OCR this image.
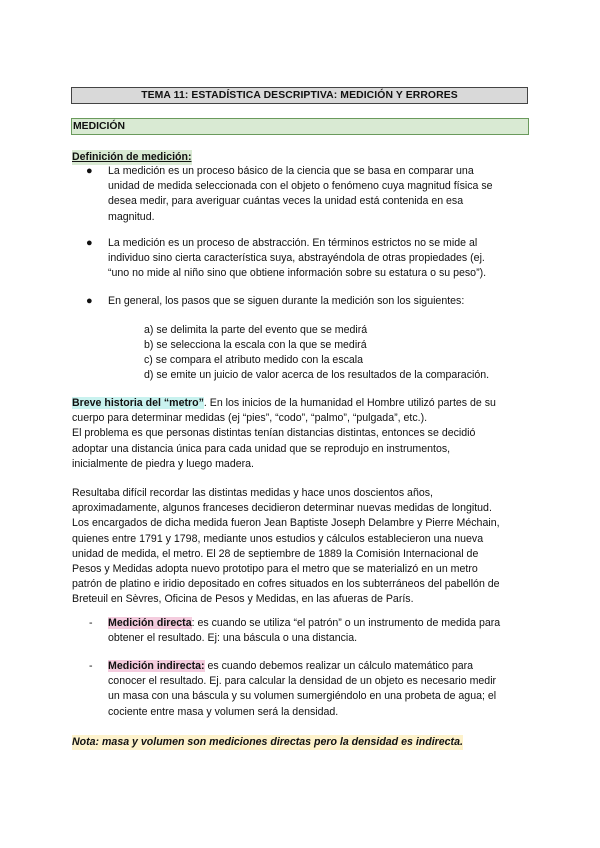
TEMA 11: ESTADÍSTICA DESCRIPTIVA: MEDICIÓN Y ERRORES
MEDICIÓN
Definición de medición:
● La medición es un proceso básico de la ciencia que se basa en comparar una
unidad de medida seleccionada con el objeto o fenómeno cuya magnitud física se
desea medir, para averiguar cuántas veces la unidad está contenida en esa
magnitud.
● La medición es un proceso de abstracción. En términos estrictos no se mide al
individuo sino cierta característica suya, abstrayéndola de otras propiedades (ej.
“uno no mide al niño sino que obtiene información sobre su estatura o su peso”).
● En general, los pasos que se siguen durante la medición son los siguientes:
a) se delimita la parte del evento que se medirá
b) se selecciona la escala con la que se medirá
c) se compara el atributo medido con la escala
d) se emite un juicio de valor acerca de los resultados de la comparación.
Breve historia del “metro”. En los inicios de la humanidad el Hombre utilizó partes de su
cuerpo para determinar medidas (ej “pies”, “codo”, “palmo”, “pulgada”, etc.).
El problema es que personas distintas tenían distancias distintas, entonces se decidió
adoptar una distancia única para cada unidad que se reprodujo en instrumentos,
inicialmente de piedra y luego madera.
Resultaba difícil recordar las distintas medidas y hace unos doscientos años,
aproximadamente, algunos franceses decidieron determinar nuevas medidas de longitud.
Los encargados de dicha medida fueron Jean Baptiste Joseph Delambre y Pierre Méchain,
quienes entre 1791 y 1798, mediante unos estudios y cálculos establecieron una nueva
unidad de medida, el metro. El 28 de septiembre de 1889 la Comisión Internacional de
Pesos y Medidas adopta nuevo prototipo para el metro que se materializó en un metro
patrón de platino e iridio depositado en cofres situados en los subterráneos del pabellón de
Breteuil en Sèvres, Oficina de Pesos y Medidas, en las afueras de París.
- Medición directa: es cuando se utiliza “el patrón” o un instrumento de medida para
obtener el resultado. Ej: una báscula o una distancia.
- Medición indirecta: es cuando debemos realizar un cálculo matemático para
conocer el resultado. Ej. para calcular la densidad de un objeto es necesario medir
un masa con una báscula y su volumen sumergiéndolo en una probeta de agua; el
cociente entre masa y volumen será la densidad.
Nota: masa y volumen son mediciones directas pero la densidad es indirecta.
